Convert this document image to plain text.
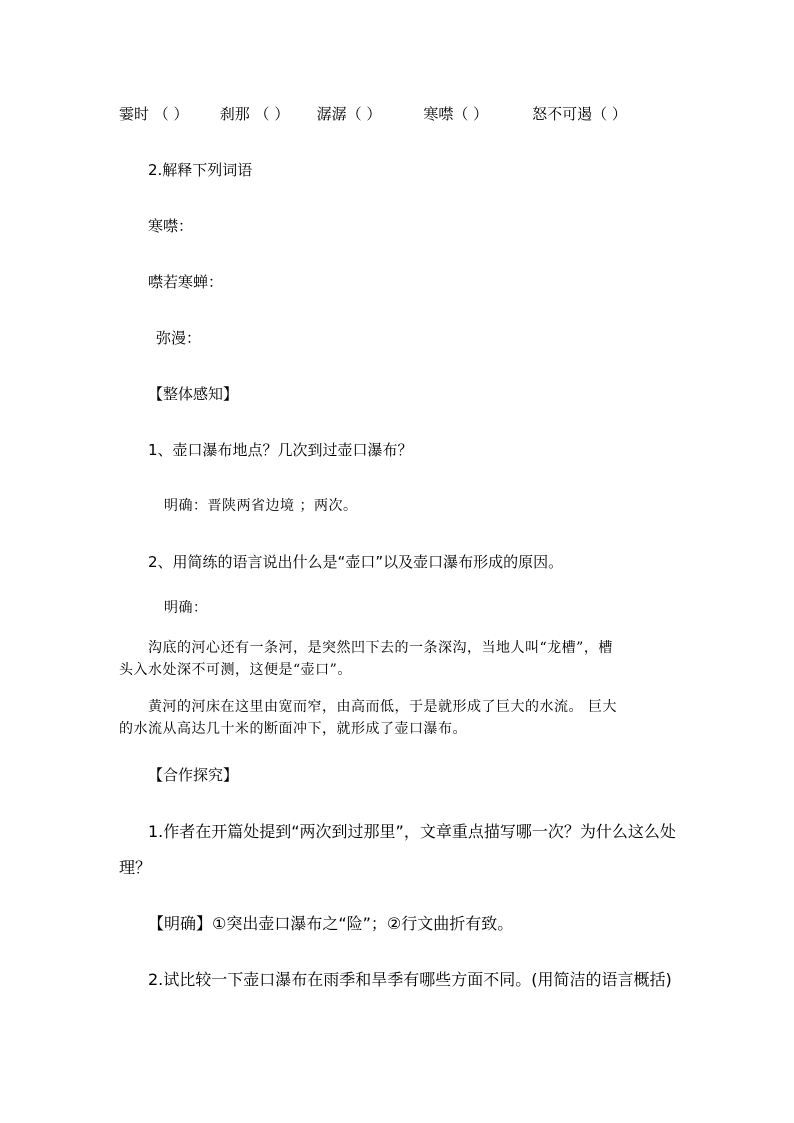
霎时 （ ） 刹那 （ ） 潺潺（ ）	寒噤（ ）	怒不可遏（ ）
2.解释下列词语
寒噤：
噤若寒蝉：
弥漫：
【整体感知】
1、壶口瀑布地点？几次到过壶口瀑布？
明确：晋陕两省边境 ；两次。
2、用简练的语言说出什么是“壶口”以及壶口瀑布形成的原因。
明确：
沟底的河心还有一条河，是突然凹下去的一条深沟，当地人叫“龙槽”，槽
头入水处深不可测，这便是“壶口”。
黄河的河床在这里由宽而窄，由高而低，于是就形成了巨大的水流。 巨大
的水流从高达几十米的断面冲下，就形成了壶口瀑布。
【合作探究】
1.作者在开篇处提到“两次到过那里”，文章重点描写哪一次？为什么这么处
理？
【明确】①突出壶口瀑布之“险”；②行文曲折有致。
2.试比较一下壶口瀑布在雨季和旱季有哪些方面不同。(用简洁的语言概括)
